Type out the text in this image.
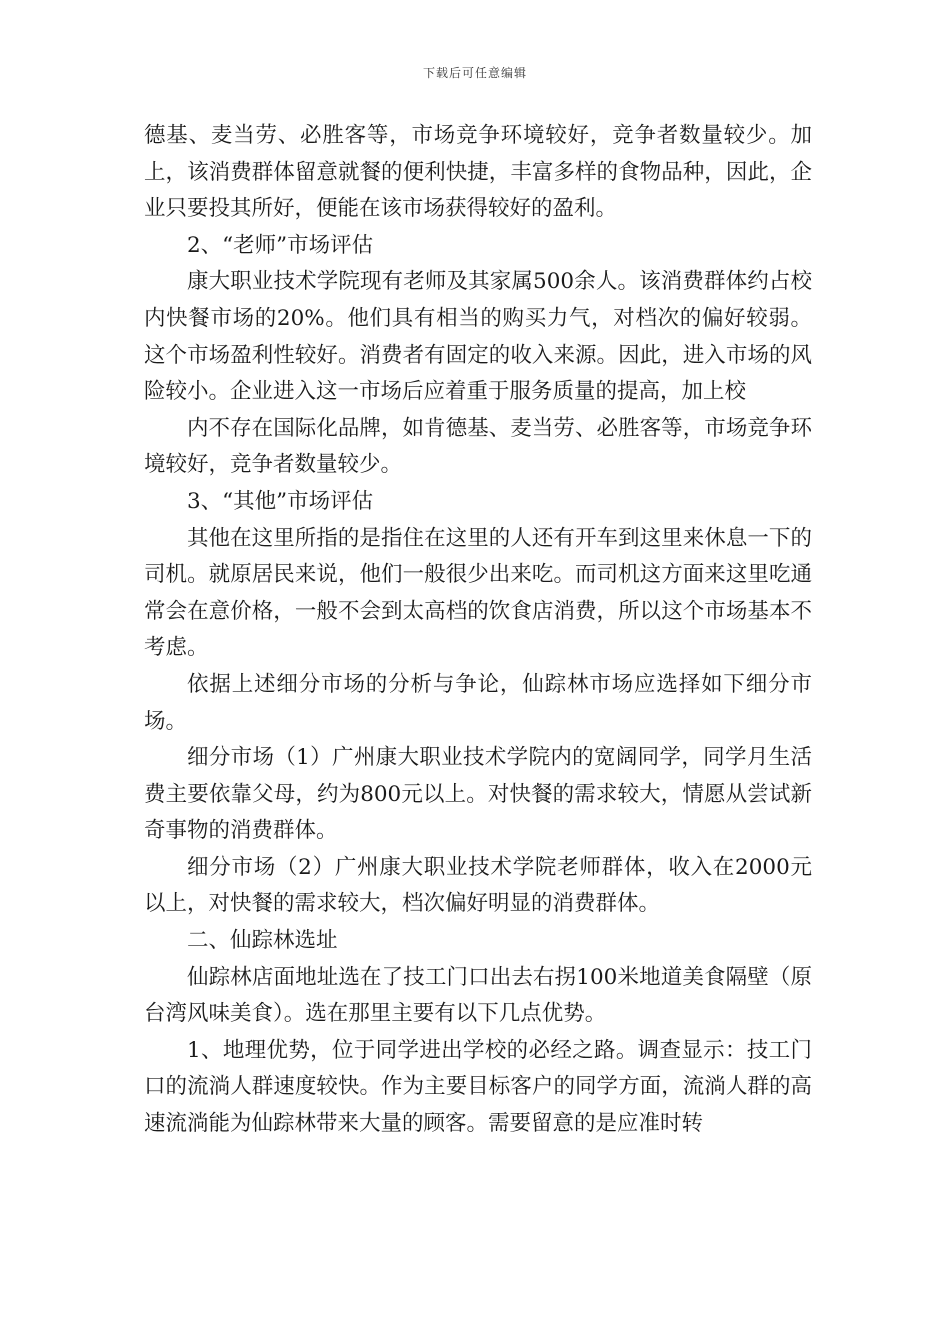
下载后可任意编辑

德基、麦当劳、必胜客等，市场竞争环境较好，竞争者数量较少。加上，该消费群体留意就餐的便利快捷，丰富多样的食物品种，因此，企业只要投其所好，便能在该市场获得较好的盈利。

2、“老师”市场评估

康大职业技术学院现有老师及其家属500余人。该消费群体约占校内快餐市场的20%。他们具有相当的购买力气，对档次的偏好较弱。这个市场盈利性较好。消费者有固定的收入来源。因此，进入市场的风险较小。企业进入这一市场后应着重于服务质量的提高，加上校

内不存在国际化品牌，如肯德基、麦当劳、必胜客等，市场竞争环境较好，竞争者数量较少。

3、“其他”市场评估

其他在这里所指的是指住在这里的人还有开车到这里来休息一下的司机。就原居民来说，他们一般很少出来吃。而司机这方面来这里吃通常会在意价格，一般不会到太高档的饮食店消费，所以这个市场基本不考虑。

依据上述细分市场的分析与争论，仙踪林市场应选择如下细分市场。

细分市场（1）广州康大职业技术学院内的宽阔同学，同学月生活费主要依靠父母，约为800元以上。对快餐的需求较大，情愿从尝试新奇事物的消费群体。

细分市场（2）广州康大职业技术学院老师群体，收入在2000元以上，对快餐的需求较大，档次偏好明显的消费群体。

二、仙踪林选址

仙踪林店面地址选在了技工门口出去右拐100米地道美食隔壁（原台湾风味美食）。选在那里主要有以下几点优势。

1、地理优势，位于同学进出学校的必经之路。调查显示：技工门口的流淌人群速度较快。作为主要目标客户的同学方面，流淌人群的高速流淌能为仙踪林带来大量的顾客。需要留意的是应准时转
